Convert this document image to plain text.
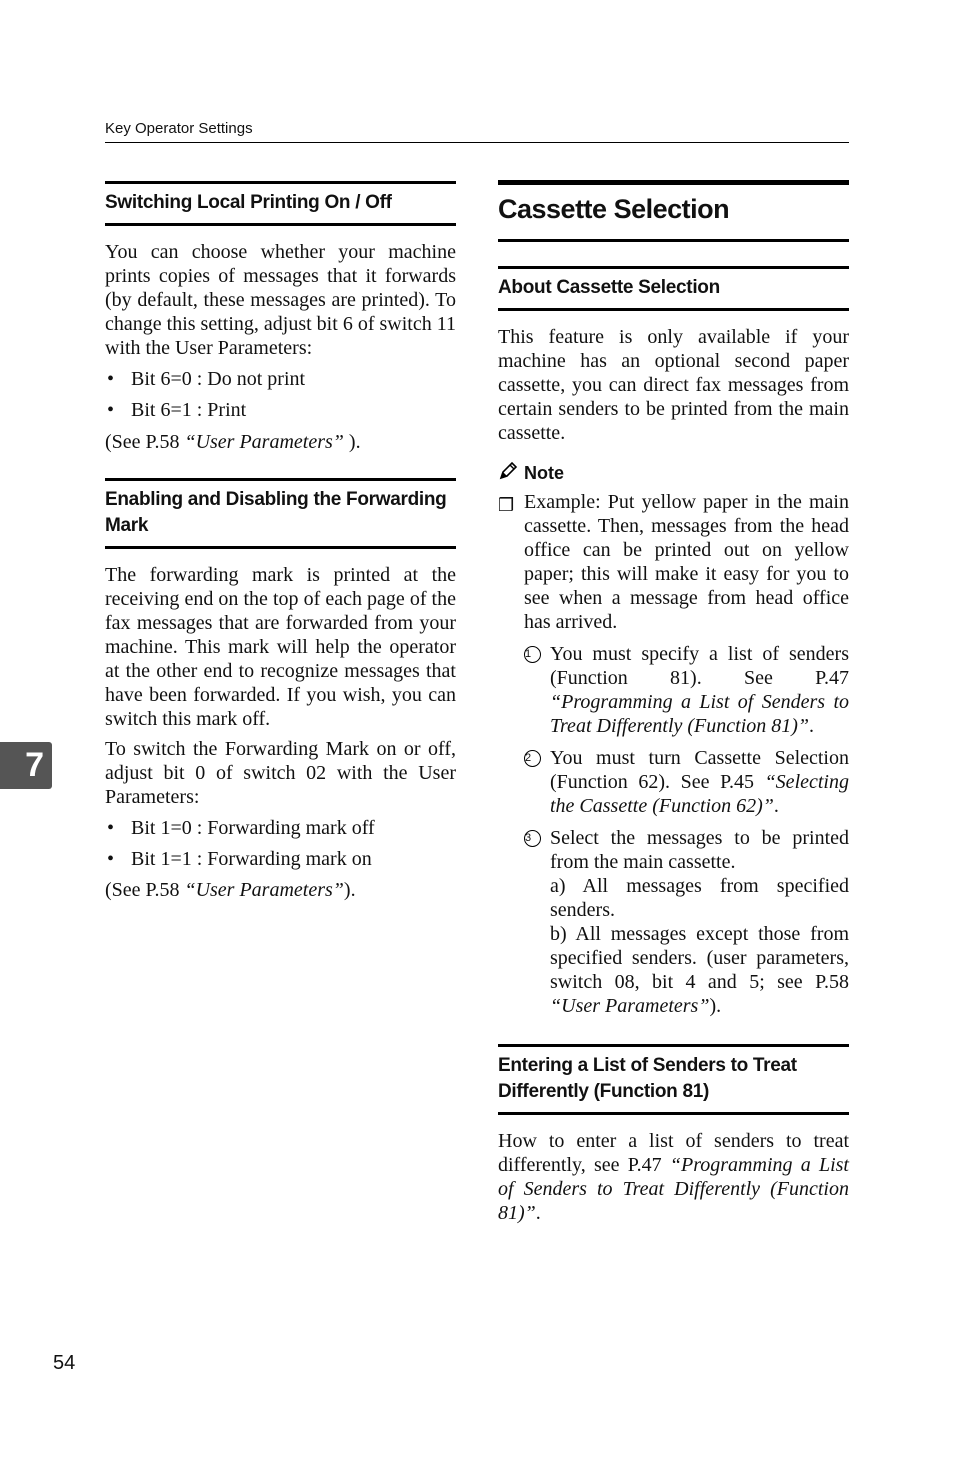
Key Operator Settings
Switching Local Printing On / Off

You can choose whether your machine prints copies of messages that it forwards (by default, these messages are printed). To change this setting, adjust bit 6 of switch 11 with the User Parameters:

• Bit 6=0 : Do not print
• Bit 6=1 : Print

(See P.58 “User Parameters” ).

Enabling and Disabling the Forwarding Mark

The forwarding mark is printed at the receiving end on the top of each page of the fax messages that are forwarded from your machine. This mark will help the operator at the other end to recognize messages that have been forwarded. If you wish, you can switch this mark off.

To switch the Forwarding Mark on or off, adjust bit 0 of switch 02 with the User Parameters:

• Bit 1=0 : Forwarding mark off
• Bit 1=1 : Forwarding mark on

(See P.58 “User Parameters”).

Cassette Selection
About Cassette Selection

This feature is only available if your machine has an optional second paper cassette, you can direct fax messages from certain senders to be printed from the main cassette.

Note
❒ Example: Put yellow paper in the main cassette. Then, messages from the head office can be printed out on yellow paper; this will make it easy for you to see when a message from head office has arrived.
1 You must specify a list of senders (Function 81). See P.47 “Programming a List of Senders to Treat Differently (Function 81)”.
2 You must turn Cassette Selection (Function 62). See P.45 “Selecting the Cassette (Function 62)”.
3 Select the messages to be printed from the main cassette.
a) All messages from specified senders.
b) All messages except those from specified senders. (user parameters, switch 08, bit 4 and 5; see P.58 “User Parameters”).
Entering a List of Senders to Treat Differently (Function 81)

How to enter a list of senders to treat differently, see P.47 “Programming a List of Senders to Treat Differently (Function 81)”.

7
54
